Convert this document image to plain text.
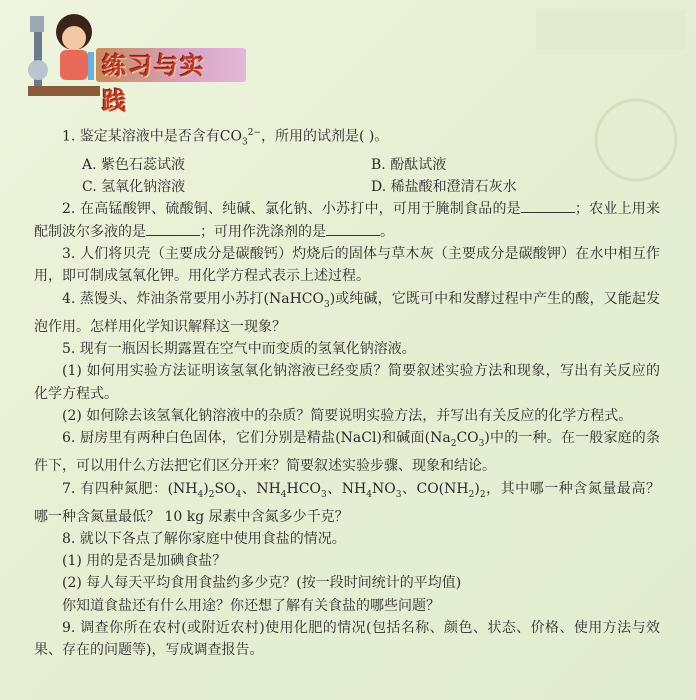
练习与实践

1. 鉴定某溶液中是否含有$CO_3^{2-}$，所用的试剂是( )。

A. 紫色石蕊试液	B. 酚酞试液
C. 氢氧化钠溶液	D. 稀盐酸和澄清石灰水

2. 在高锰酸钾、硫酸铜、纯碱、氯化钠、小苏打中，可用于腌制食品的是	；农业上用来配制波尔多液的是	；可用作洗涤剂的是	。

3. 人们将贝壳（主要成分是碳酸钙）灼烧后的固体与草木灰（主要成分是碳酸钾）在水中相互作用，即可制成氢氧化钾。用化学方程式表示上述过程。

4. 蒸馒头、炸油条常要用小苏打(NaHCO$_3$)或纯碱，它既可中和发酵过程中产生的酸，又能起发泡作用。怎样用化学知识解释这一现象？

5. 现有一瓶因长期露置在空气中而变质的氢氧化钠溶液。

(1) 如何用实验方法证明该氢氧化钠溶液已经变质？简要叙述实验方法和现象，写出有关反应的化学方程式。

(2) 如何除去该氢氧化钠溶液中的杂质？简要说明实验方法，并写出有关反应的化学方程式。

6. 厨房里有两种白色固体，它们分别是精盐(NaCl)和碱面$(Na_2CO_3)$中的一种。在一般家庭的条件下，可以用什么方法把它们区分开来？简要叙述实验步骤、现象和结论。

7. 有四种氮肥：$(NH_4)_2SO_4$、$NH_4HCO_3$、$NH_4NO_3$、$CO(NH_2)_2$，其中哪一种含氮量最高？哪一种含氮量最低？ 10 kg 尿素中含氮多少千克？

8. 就以下各点了解你家庭中使用食盐的情况。

(1) 用的是否是加碘食盐？

(2) 每人每天平均食用食盐约多少克？(按一段时间统计的平均值)

你知道食盐还有什么用途？你还想了解有关食盐的哪些问题？

9. 调查你所在农村(或附近农村)使用化肥的情况(包括名称、颜色、状态、价格、使用方法与效果、存在的问题等)，写成调查报告。
